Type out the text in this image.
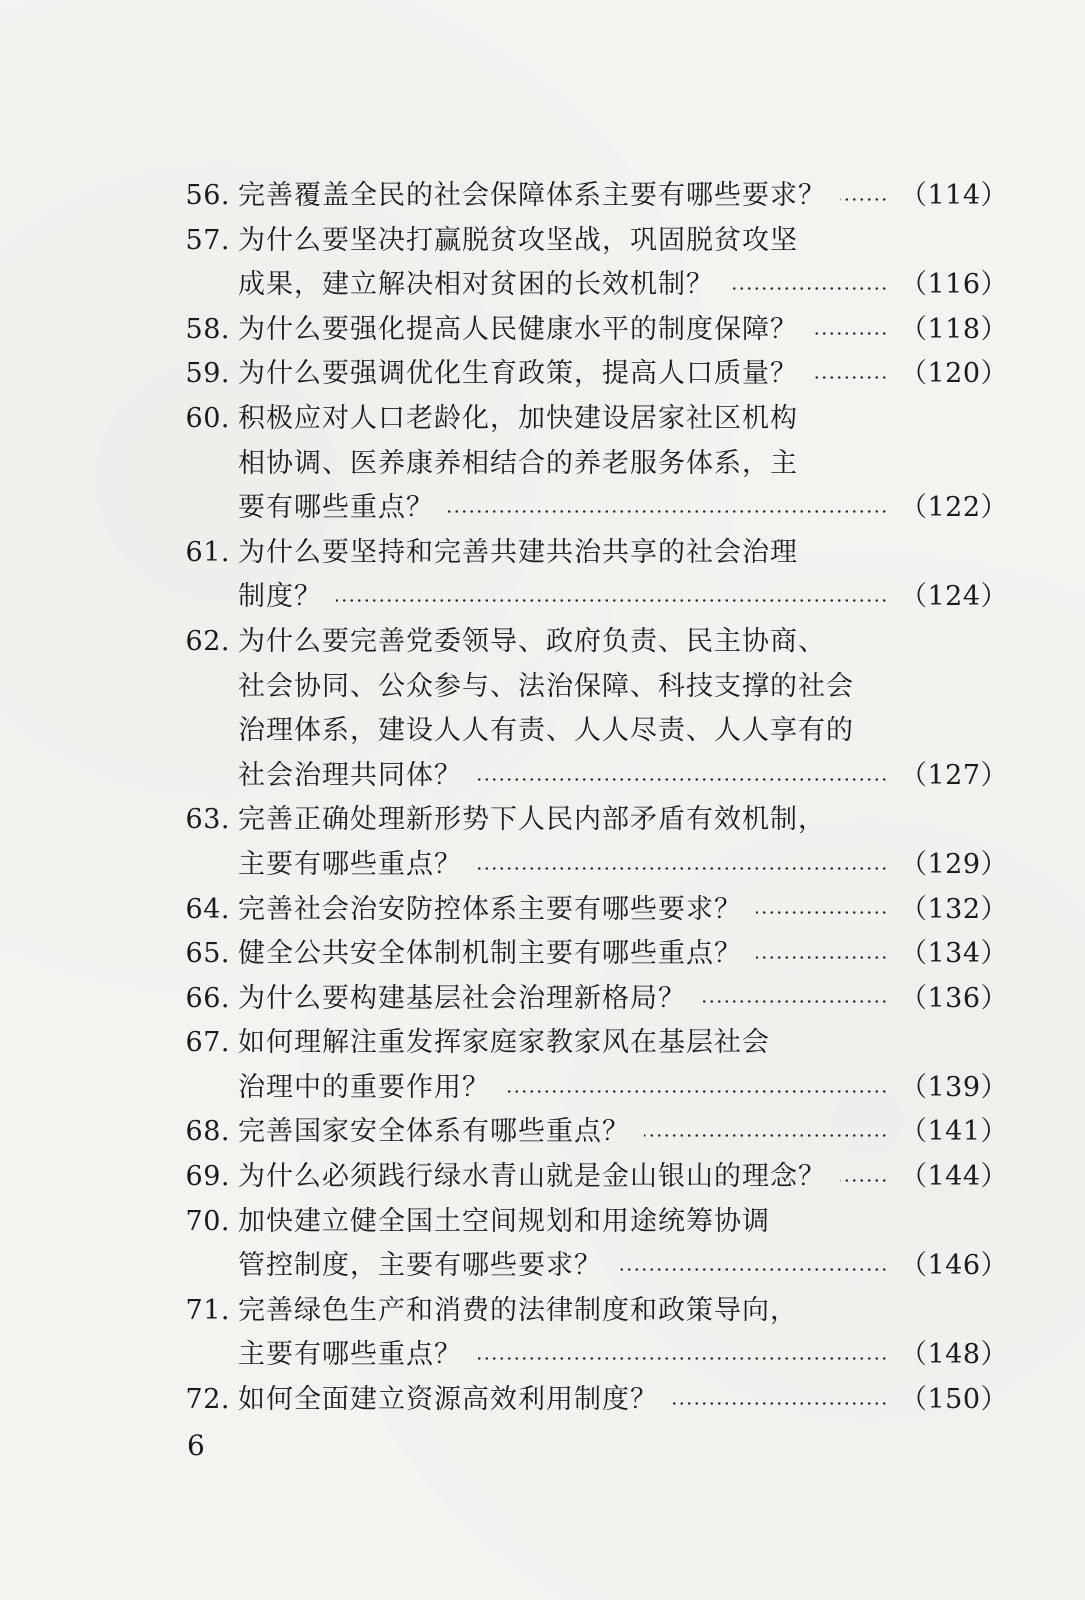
56. 完善覆盖全民的社会保障体系主要有哪些要求？	（114）
57. 为什么要坚决打赢脱贫攻坚战，巩固脱贫攻坚
成果，建立解决相对贫困的长效机制？	（116）
58. 为什么要强化提高人民健康水平的制度保障？	（118）
59. 为什么要强调优化生育政策，提高人口质量？	（120）
60. 积极应对人口老龄化，加快建设居家社区机构
相协调、医养康养相结合的养老服务体系，主
要有哪些重点？	（122）
61. 为什么要坚持和完善共建共治共享的社会治理
制度？	（124）
62. 为什么要完善党委领导、政府负责、民主协商、
社会协同、公众参与、法治保障、科技支撑的社会
治理体系，建设人人有责、人人尽责、人人享有的
社会治理共同体？	（127）
63. 完善正确处理新形势下人民内部矛盾有效机制，
主要有哪些重点？	（129）
64. 完善社会治安防控体系主要有哪些要求？	（132）
65. 健全公共安全体制机制主要有哪些重点？	（134）
66. 为什么要构建基层社会治理新格局？	（136）
67. 如何理解注重发挥家庭家教家风在基层社会
治理中的重要作用？	（139）
68. 完善国家安全体系有哪些重点？	（141）
69. 为什么必须践行绿水青山就是金山银山的理念？	（144）
70. 加快建立健全国土空间规划和用途统筹协调
管控制度，主要有哪些要求？	（146）
71. 完善绿色生产和消费的法律制度和政策导向，
主要有哪些重点？	（148）
72. 如何全面建立资源高效利用制度？	（150）
6
